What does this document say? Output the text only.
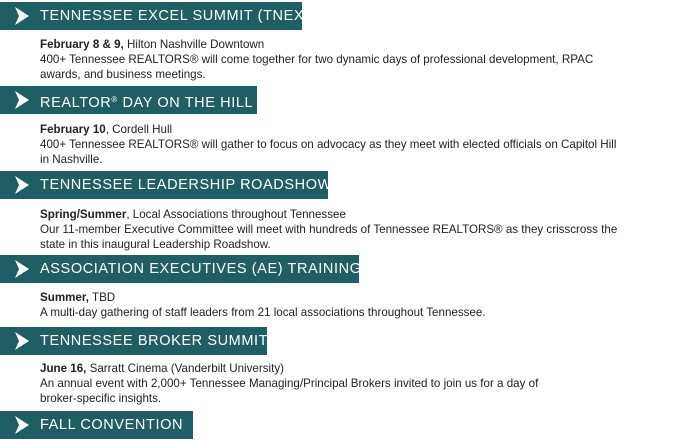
TENNESSEE EXCEL SUMMIT (TNEX)
February 8 & 9, Hilton Nashville Downtown
400+ Tennessee REALTORS® will come together for two dynamic days of professional development, RPAC
awards, and business meetings.
REALTOR® DAY ON THE HILL
February 10, Cordell Hull
400+ Tennessee REALTORS® will gather to focus on advocacy as they meet with elected officials on Capitol Hill
in Nashville.
TENNESSEE LEADERSHIP ROADSHOW
Spring/Summer, Local Associations throughout Tennessee
Our 11-member Executive Committee will meet with hundreds of Tennessee REALTORS® as they crisscross the
state in this inaugural Leadership Roadshow.
ASSOCIATION EXECUTIVES (AE) TRAINING
Summer, TBD
A multi-day gathering of staff leaders from 21 local associations throughout Tennessee.
TENNESSEE BROKER SUMMIT
June 16, Sarratt Cinema (Vanderbilt University)
An annual event with 2,000+ Tennessee Managing/Principal Brokers invited to join us for a day of
broker-specific insights.
FALL CONVENTION
